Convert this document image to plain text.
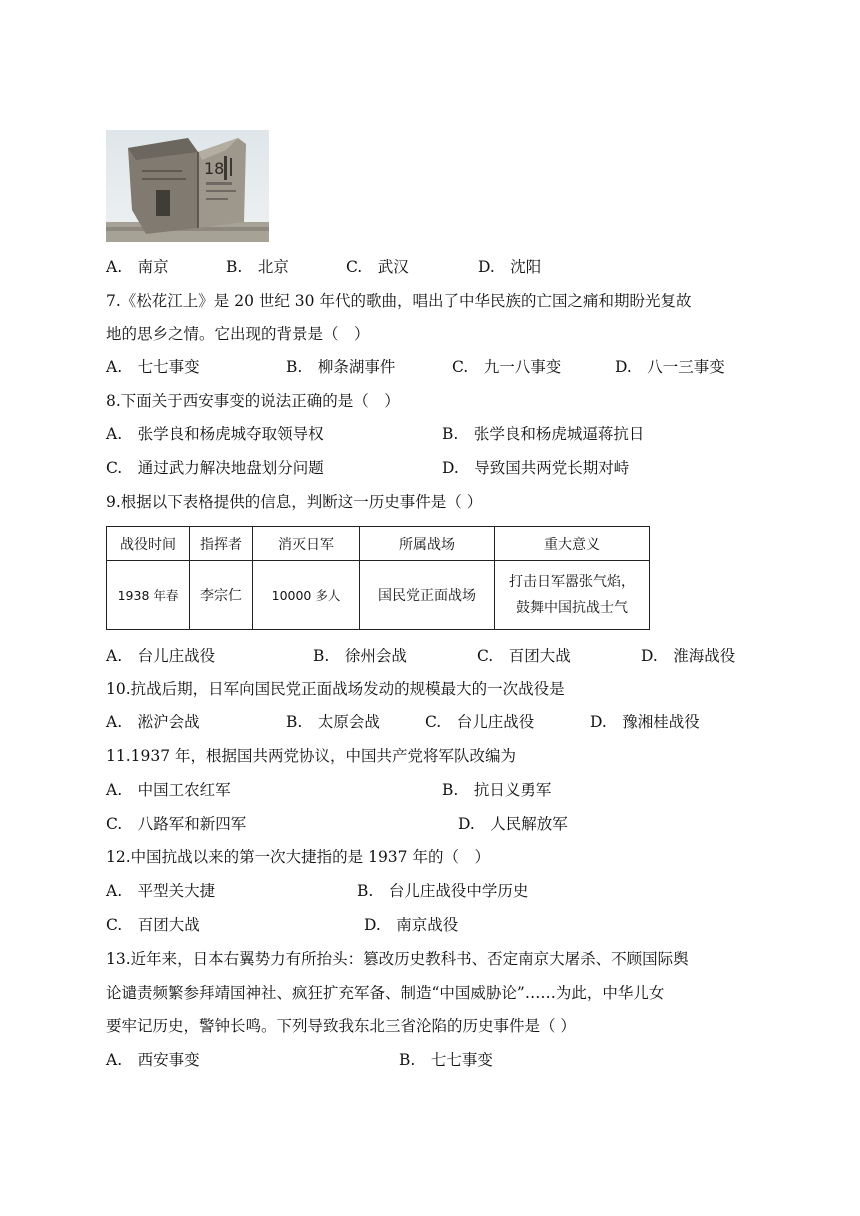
18
A.　南京	B.　北京	C.　武汉	D.　沈阳
7.《松花江上》是 20 世纪 30 年代的歌曲，唱出了中华民族的亡国之痛和期盼光复故
地的思乡之情。它出现的背景是（　）
A.　七七事变	B.　柳条湖事件	C.　九一八事变	D.　八一三事变
8.下面关于西安事变的说法正确的是（　）
A.　张学良和杨虎城夺取领导权	B.　张学良和杨虎城逼蒋抗日
C.　通过武力解决地盘划分问题	D.　导致国共两党长期对峙
9.根据以下表格提供的信息，判断这一历史事件是（ ）
战役时间	指挥者	消灭日军	所属战场	重大意义
1938 年春	李宗仁	10000 多人	国民党正面战场	打击日军嚣张气焰，
鼓舞中国抗战士气
A.　台儿庄战役	B.　徐州会战	C.　百团大战	D.　淮海战役
10.抗战后期，日军向国民党正面战场发动的规模最大的一次战役是
A.　淞沪会战	B.　太原会战	C.　台儿庄战役	D.　豫湘桂战役
11.1937 年，根据国共两党协议，中国共产党将军队改编为
A.　中国工农红军	B.　抗日义勇军
C.　八路军和新四军	D.　人民解放军
12.中国抗战以来的第一次大捷指的是 1937 年的（　）
A.　平型关大捷	B.　台儿庄战役中学历史
C.　百团大战	D.　南京战役
13.近年来，日本右翼势力有所抬头：篡改历史教科书、否定南京大屠杀、不顾国际舆
论谴责频繁参拜靖国神社、疯狂扩充军备、制造“中国威胁论”……为此，中华儿女
要牢记历史，警钟长鸣。下列导致我东北三省沦陷的历史事件是（ ）
A.　西安事变	B.　七七事变
